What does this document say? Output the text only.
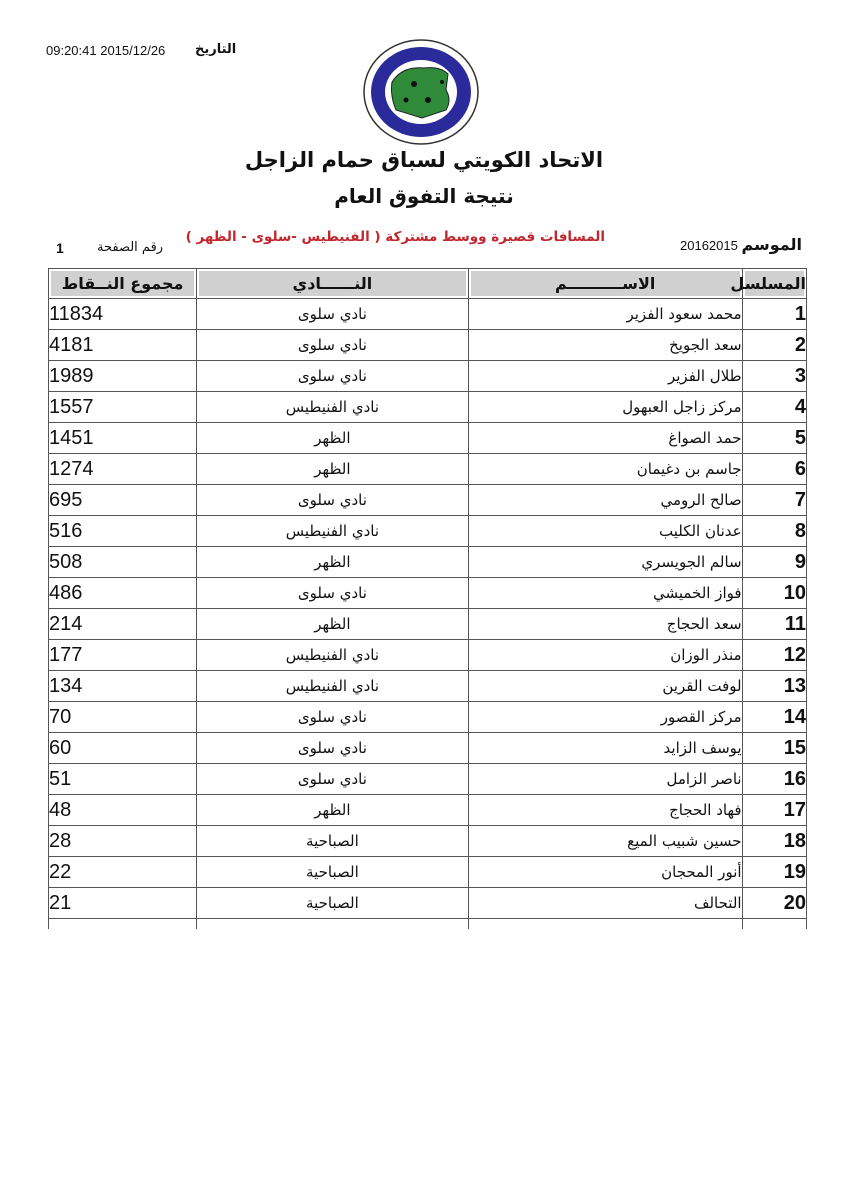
09:20:41 2015/12/26 التاريخ
الاتحاد الكويتي لسباق حمام الزاجل
نتيجة التفوق العام
الموسم
20162015
المسافات قصيرة ووسط مشتركة ( الفنيطيس -سلوى - الظهر )
رقم الصفحة
1
المسلسل	الاســــــــــم	النــــــادي	مجموع النــقاط
1	محمد سعود الفزير	نادي سلوى	11834
2	سعد الجويخ	نادي سلوى	4181
3	طلال الفزير	نادي سلوى	1989
4	مركز زاجل العبهول	نادي الفنيطيس	1557
5	حمد الصواغ	الظهر	1451
6	جاسم بن دغيمان	الظهر	1274
7	صالح الرومي	نادي سلوى	695
8	عدنان الكليب	نادي الفنيطيس	516
9	سالم الجويسري	الظهر	508
10	فواز الخميشي	نادي سلوى	486
11	سعد الحجاج	الظهر	214
12	منذر الوزان	نادي الفنيطيس	177
13	لوفت القرين	نادي الفنيطيس	134
14	مركز القصور	نادي سلوى	70
15	يوسف الزايد	نادي سلوى	60
16	ناصر الزامل	نادي سلوى	51
17	فهاد الحجاج	الظهر	48
18	حسين شبيب الميع	الصباحية	28
19	أنور المحجان	الصباحية	22
20	التحالف	الصباحية	21
